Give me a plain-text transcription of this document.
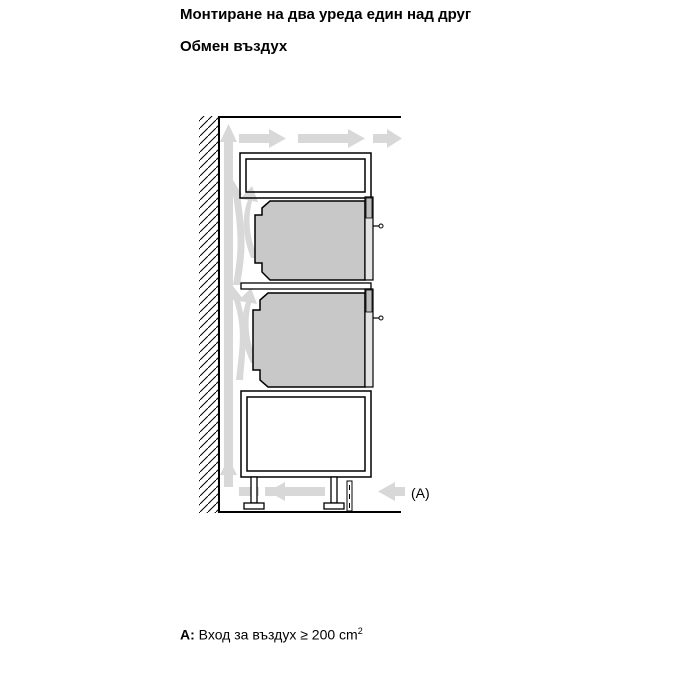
Монтиране на два уреда един над друг
Обмен въздух
(A)
A: Вход за въздух ≥ 200 $cm^2$
